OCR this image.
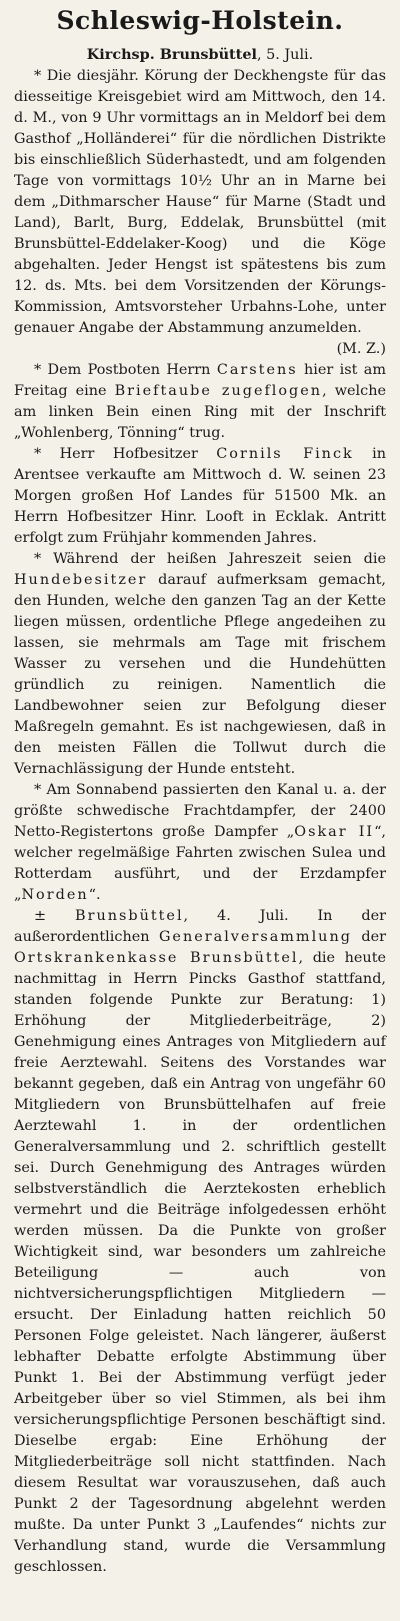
Schleswig-Holstein.
Kirchsp. Brunsbüttel, 5. Juli.

* Die diesjähr. Körung der Deckhengste für das diesseitige Kreisgebiet wird am Mittwoch, den 14. d. M., von 9 Uhr vormittags an in Meldorf bei dem Gasthof „Holländerei“ für die nördlichen Distrikte bis einschließlich Süderhastedt, und am folgenden Tage von vormittags 10½ Uhr an in Marne bei dem „Dithmarscher Hause“ für Marne (Stadt und Land), Barlt, Burg, Eddelak, Brunsbüttel (mit Brunsbüttel-Eddelaker-Koog) und die Köge abgehalten. Jeder Hengst ist spätestens bis zum 12. ds. Mts. bei dem Vorsitzenden der Körungs-Kommission, Amtsvorsteher Urbahns-Lohe, unter genauer Angabe der Abstammung anzumelden.
(M. Z.)

* Dem Postboten Herrn Carstens hier ist am Freitag eine Brieftaube zugeflogen, welche am linken Bein einen Ring mit der Inschrift „Wohlenberg, Tönning“ trug.

* Herr Hofbesitzer Cornils Finck in Arentsee verkaufte am Mittwoch d. W. seinen 23 Morgen großen Hof Landes für 51500 Mk. an Herrn Hofbesitzer Hinr. Looft in Ecklak. Antritt erfolgt zum Frühjahr kommenden Jahres.

* Während der heißen Jahreszeit seien die Hundebesitzer darauf aufmerksam gemacht, den Hunden, welche den ganzen Tag an der Kette liegen müssen, ordentliche Pflege angedeihen zu lassen, sie mehrmals am Tage mit frischem Wasser zu versehen und die Hundehütten gründlich zu reinigen. Namentlich die Landbewohner seien zur Befolgung dieser Maßregeln gemahnt. Es ist nachgewiesen, daß in den meisten Fällen die Tollwut durch die Vernachlässigung der Hunde entsteht.

* Am Sonnabend passierten den Kanal u. a. der größte schwedische Frachtdampfer, der 2400 Netto-Registertons große Dampfer „Oskar II“, welcher regelmäßige Fahrten zwischen Sulea und Rotterdam ausführt, und der Erzdampfer „Norden“.

± Brunsbüttel, 4. Juli. In der außerordentlichen Generalversammlung der Ortskrankenkasse Brunsbüttel, die heute nachmittag in Herrn Pincks Gasthof stattfand, standen folgende Punkte zur Beratung: 1) Erhöhung der Mitgliederbeiträge, 2) Genehmigung eines Antrages von Mitgliedern auf freie Aerztewahl. Seitens des Vorstandes war bekannt gegeben, daß ein Antrag von ungefähr 60 Mitgliedern von Brunsbüttelhafen auf freie Aerztewahl 1. in der ordentlichen Generalversammlung und 2. schriftlich gestellt sei. Durch Genehmigung des Antrages würden selbstverständlich die Aerztekosten erheblich vermehrt und die Beiträge infolgedessen erhöht werden müssen. Da die Punkte von großer Wichtigkeit sind, war besonders um zahlreiche Beteiligung — auch von nichtversicherungspflichtigen Mitgliedern — ersucht. Der Einladung hatten reichlich 50 Personen Folge geleistet. Nach längerer, äußerst lebhafter Debatte erfolgte Abstimmung über Punkt 1. Bei der Abstimmung verfügt jeder Arbeitgeber über so viel Stimmen, als bei ihm versicherungspflichtige Personen beschäftigt sind. Dieselbe ergab: Eine Erhöhung der Mitgliederbeiträge soll nicht stattfinden. Nach diesem Resultat war vorauszusehen, daß auch Punkt 2 der Tagesordnung abgelehnt werden mußte. Da unter Punkt 3 „Laufendes“ nichts zur Verhandlung stand, wurde die Versammlung geschlossen.
